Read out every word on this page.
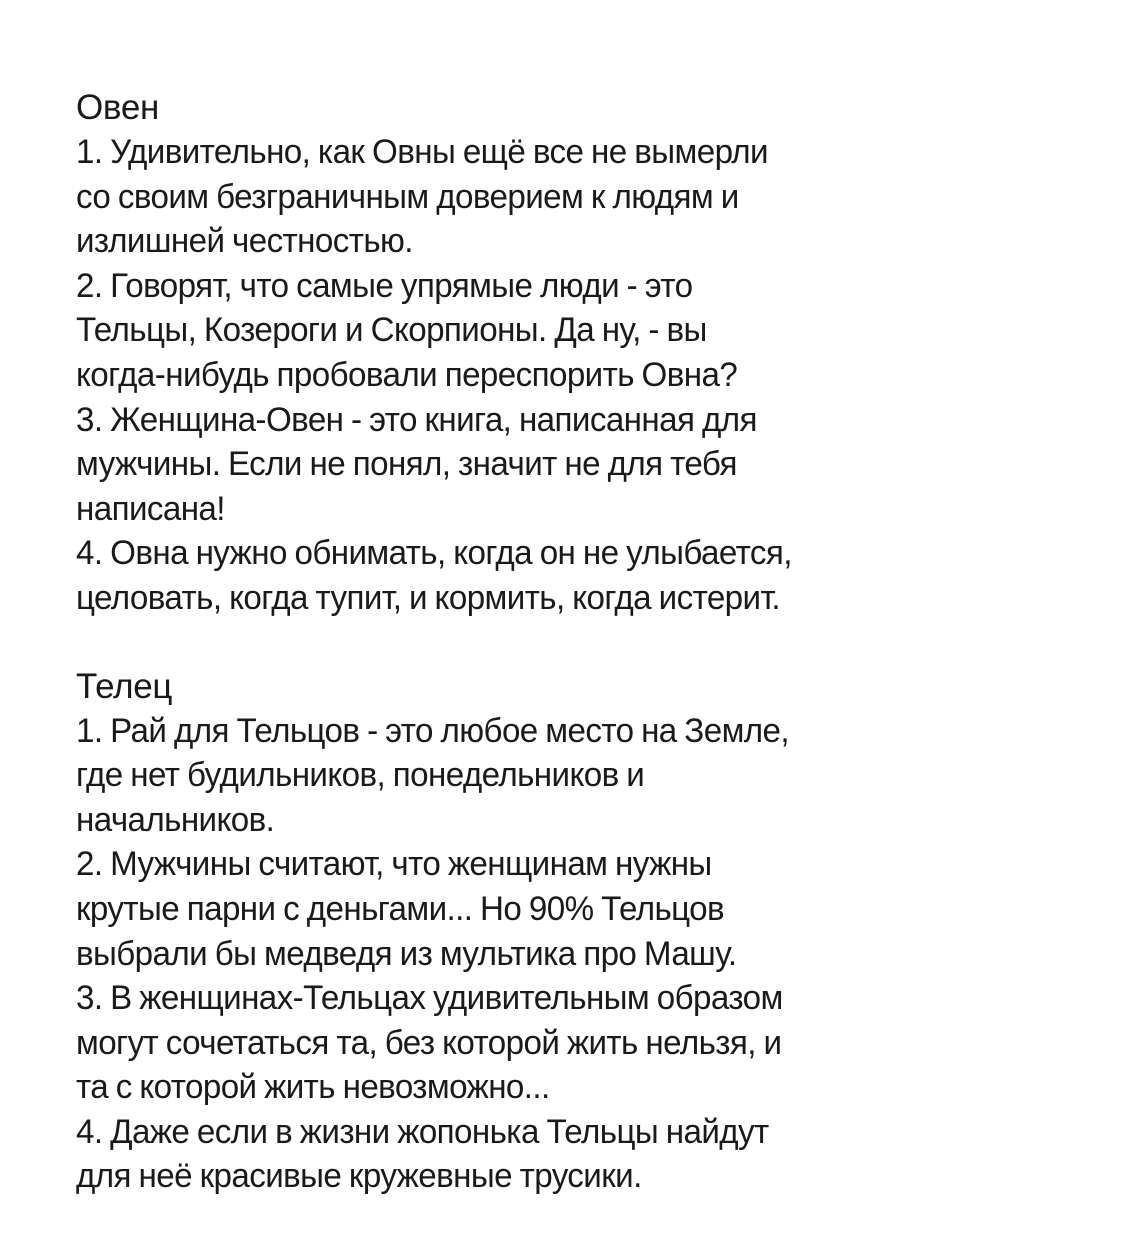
Овен

1. Удивительно, как Овны ещё все не вымерли
со своим безграничным доверием к людям и
излишней честностью.

2. Говорят, что самые упрямые люди - это
Тельцы, Козероги и Скорпионы. Да ну, - вы
когда-нибудь пробовали переспорить Овна?

3. Женщина-Овен - это книга, написанная для
мужчины. Если не понял, значит не для тебя
написана!

4. Овна нужно обнимать, когда он не улыбается,
целовать, когда тупит, и кормить, когда истерит.

Телец

1. Рай для Тельцов - это любое место на Земле,
где нет будильников, понедельников и
начальников.

2. Мужчины считают, что женщинам нужны
крутые парни с деньгами... Но 90% Тельцов
выбрали бы медведя из мультика про Машу.

3. В женщинах-Тельцах удивительным образом
могут сочетаться та, без которой жить нельзя, и
та с которой жить невозможно...

4. Даже если в жизни жопонька Тельцы найдут
для неё красивые кружевные трусики.
